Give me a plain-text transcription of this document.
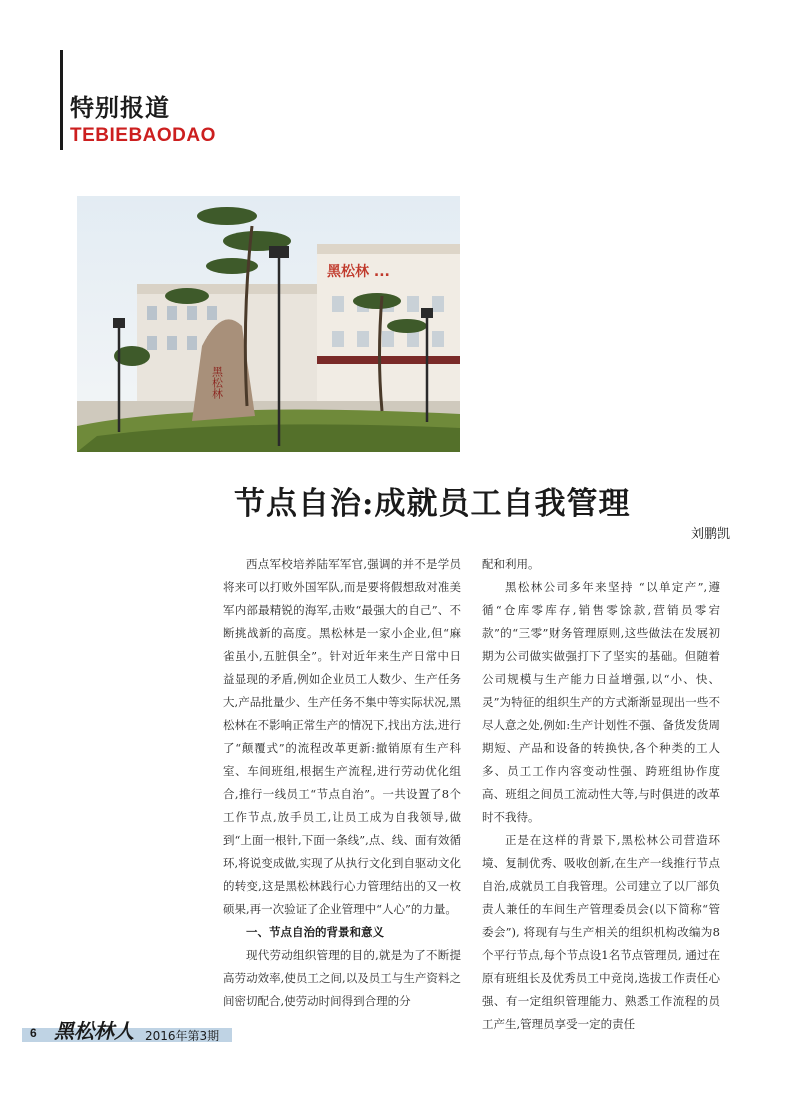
特别报道
TEBIEBAODAO
黑松林 ...
黑松林
节点自治:成就员工自我管理
刘鹏凯

西点军校培养陆军军官,强调的并不是学员将来可以打败外国军队,而是要将假想敌对准美军内部最精锐的海军,击败“最强大的自己”、不断挑战新的高度。黑松林是一家小企业,但“麻雀虽小,五脏俱全”。针对近年来生产日常中日益显现的矛盾,例如企业员工人数少、生产任务大,产品批量少、生产任务不集中等实际状况,黑松林在不影响正常生产的情况下,找出方法,进行了“颠覆式”的流程改革更新:撤销原有生产科室、车间班组,根据生产流程,进行劳动优化组合,推行一线员工“节点自治”。一共设置了8个工作节点,放手员工,让员工成为自我领导,做到“上面一根针,下面一条线”,点、线、面有效循环,将说变成做,实现了从执行文化到自驱动文化的转变,这是黑松林践行心力管理结出的又一枚硕果,再一次验证了企业管理中“人心”的力量。

一、节点自治的背景和意义

现代劳动组织管理的目的,就是为了不断提高劳动效率,使员工之间,以及员工与生产资料之间密切配合,使劳动时间得到合理的分

配和利用。

黑松林公司多年来坚持 “以单定产”,遵循“仓库零库存,销售零馀款,营销员零宕款”的“三零”财务管理原则,这些做法在发展初期为公司做实做强打下了坚实的基础。但随着公司规模与生产能力日益增强,以“小、快、灵”为特征的组织生产的方式渐渐显现出一些不尽人意之处,例如:生产计划性不强、备货发货周期短、产品和设备的转换快,各个种类的工人多、员工工作内容变动性强、跨班组协作度高、班组之间员工流动性大等,与时俱进的改革时不我待。

正是在这样的背景下,黑松林公司营造环境、复制优秀、吸收创新,在生产一线推行节点自治,成就员工自我管理。公司建立了以厂部负责人兼任的车间生产管理委员会(以下简称“管委会”), 将现有与生产相关的组织机构改编为8个平行节点,每个节点设1名节点管理员, 通过在原有班组长及优秀员工中竞岗,选拔工作责任心强、有一定组织管理能力、熟悉工作流程的员工产生,管理员享受一定的责任

6 黑松林人 2016年第3期
